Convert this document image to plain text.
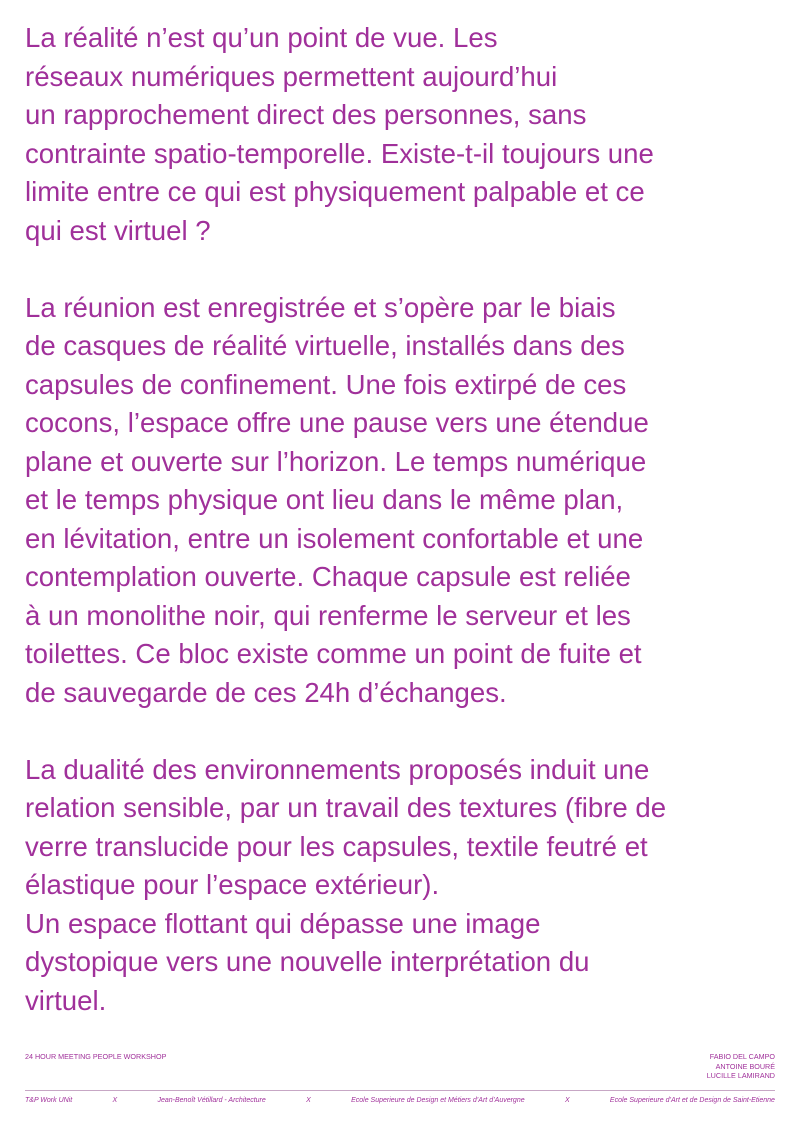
La réalité n’est qu’un point de vue. Les
réseaux numériques permettent aujourd’hui
un rapprochement direct des personnes, sans
contrainte spatio-temporelle. Existe-t-il toujours une
limite entre ce qui est physiquement palpable et ce
qui est virtuel ?

La réunion est enregistrée et s’opère par le biais
de casques de réalité virtuelle, installés dans des
capsules de confinement. Une fois extirpé de ces
cocons, l’espace offre une pause vers une étendue
plane et ouverte sur l’horizon. Le temps numérique
et le temps physique ont lieu dans le même plan,
en lévitation, entre un isolement confortable et une
contemplation ouverte. Chaque capsule est reliée
à un monolithe noir, qui renferme le serveur et les
toilettes. Ce bloc existe comme un point de fuite et
de sauvegarde de ces 24h d’échanges.

La dualité des environnements proposés induit une
relation sensible, par un travail des textures (fibre de
verre translucide pour les capsules, textile feutré et
élastique pour l’espace extérieur).
Un espace flottant qui dépasse une image
dystopique vers une nouvelle interprétation du
virtuel.

24 HOUR MEETING PEOPLE WORKSHOP	FABIO DEL CAMPO
ANTOINE BOURÉ
LUCILLE LAMIRAND
T&P Work UNit	X	Jean-Benoît Vétillard - Architecture	X	Ecole Superieure de Design et Métiers d’Art d’Auvergne	X	Ecole Superieure d’Art et de Design de Saint-Etienne
